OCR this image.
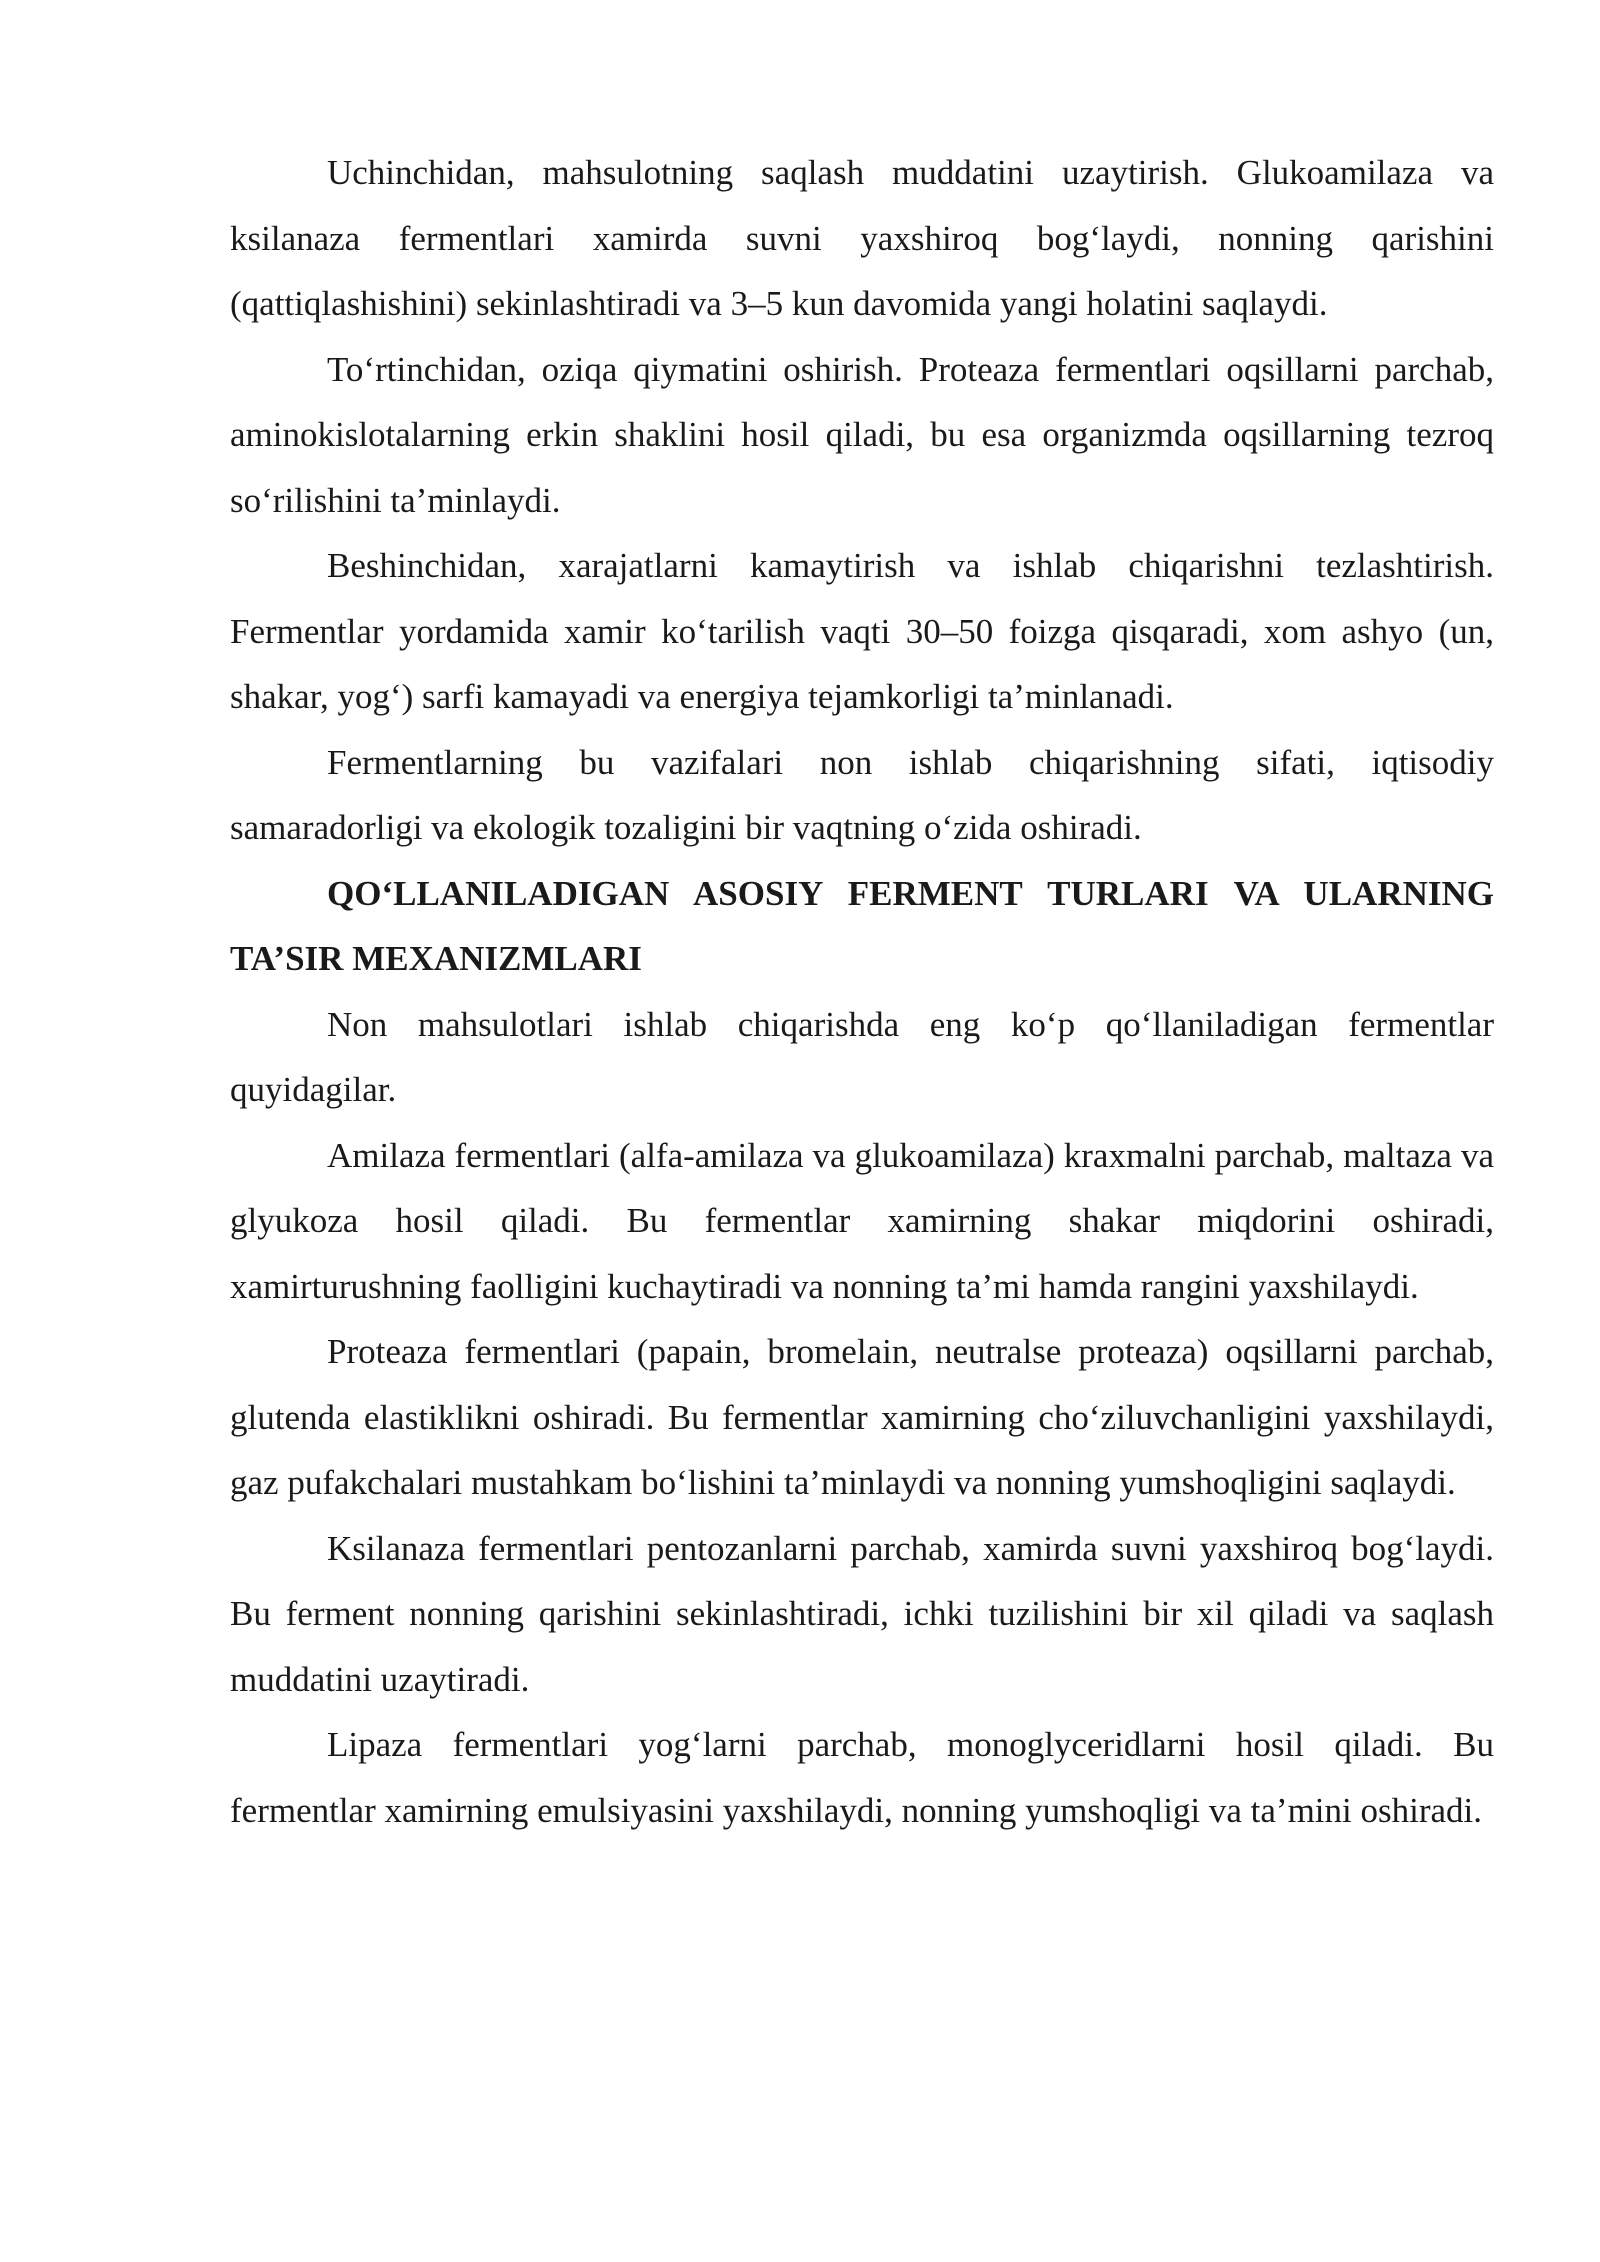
Uchinchidan, mahsulotning saqlash muddatini uzaytirish. Glukoamilaza va ksilanaza fermentlari xamirda suvni yaxshiroq bog‘laydi, nonning qarishini (qattiqlashishini) sekinlashtiradi va 3–5 kun davomida yangi holatini saqlaydi.

To‘rtinchidan, oziqa qiymatini oshirish. Proteaza fermentlari oqsillarni parchab, aminokislotalarning erkin shaklini hosil qiladi, bu esa organizmda oqsillarning tezroq so‘rilishini ta’minlaydi.

Beshinchidan, xarajatlarni kamaytirish va ishlab chiqarishni tezlashtirish. Fermentlar yordamida xamir ko‘tarilish vaqti 30–50 foizga qisqaradi, xom ashyo (un, shakar, yog‘) sarfi kamayadi va energiya tejamkorligi ta’minlanadi.

Fermentlarning bu vazifalari non ishlab chiqarishning sifati, iqtisodiy samaradorligi va ekologik tozaligini bir vaqtning o‘zida oshiradi.

QO‘LLANILADIGAN ASOSIY FERMENT TURLARI VA ULARNING TA’SIR MEXANIZMLARI

Non mahsulotlari ishlab chiqarishda eng ko‘p qo‘llaniladigan fermentlar quyidagilar.

Amilaza fermentlari (alfa-amilaza va glukoamilaza) kraxmalni parchab, maltaza va glyukoza hosil qiladi. Bu fermentlar xamirning shakar miqdorini oshiradi, xamirturushning faolligini kuchaytiradi va nonning ta’mi hamda rangini yaxshilaydi.

Proteaza fermentlari (papain, bromelain, neutralse proteaza) oqsillarni parchab, glutenda elastiklikni oshiradi. Bu fermentlar xamirning cho‘ziluvchanligini yaxshilaydi, gaz pufakchalari mustahkam bo‘lishini ta’minlaydi va nonning yumshoqligini saqlaydi.

Ksilanaza fermentlari pentozanlarni parchab, xamirda suvni yaxshiroq bog‘laydi. Bu ferment nonning qarishini sekinlashtiradi, ichki tuzilishini bir xil qiladi va saqlash muddatini uzaytiradi.

Lipaza fermentlari yog‘larni parchab, monoglyceridlarni hosil qiladi. Bu fermentlar xamirning emulsiyasini yaxshilaydi, nonning yumshoqligi va ta’mini oshiradi.
